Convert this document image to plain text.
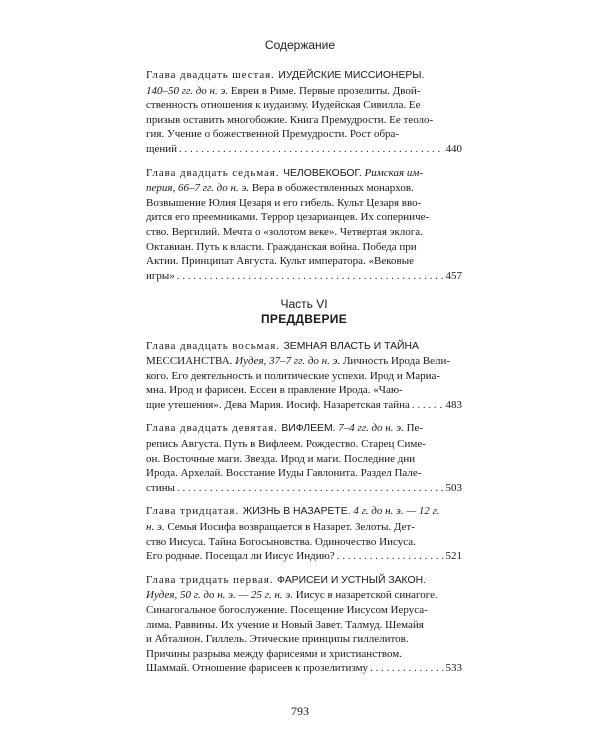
Содержание
Глава двадцать шестая. ИУДЕЙСКИЕ МИССИОНЕРЫ.
140–50 гг. до н. э. Евреи в Риме. Первые прозелиты. Двой-
ственность отношения к иудаизму. Иудейская Сивилла. Ее
призыв оставить многобожие. Книга Премудрости. Ее теоло-
гия. Учение о божественной Премудрости. Рост обра-
щений . . .	440
Глава двадцать седьмая. ЧЕЛОВЕКОБОГ. Римская им-
перия, 66–7 гг. до н. э. Вера в обожествленных монархов.
Возвышение Юлия Цезаря и его гибель. Культ Цезаря вво-
дится его преемниками. Террор цезарианцев. Их соперниче-
ство. Вергилий. Мечта о «золотом веке». Четвертая эклога.
Октавиан. Путь к власти. Гражданская война. Победа при
Актии. Принципат Августа. Культ императора. «Вековые
игры» . . .	457
Часть VI
ПРЕДДВЕРИЕ
Глава двадцать восьмая. ЗЕМНАЯ ВЛАСТЬ И ТАЙНА
МЕССИАНСТВА. Иудея, 37–7 гг. до н. э. Личность Ирода Вели-
кого. Его деятельность и политические успехи. Ирод и Мариа-
мна. Ирод и фарисеи. Ессеи в правление Ирода. «Чаю-
щие утешения». Дева Мария. Иосиф. Назаретская тайна . . .	483
Глава двадцать девятая. ВИФЛЕЕМ. 7–4 гг. до н. э. Пе-
репись Августа. Путь в Вифлеем. Рождество. Старец Симе-
он. Восточные маги. Звезда. Ирод и маги. Последние дни
Ирода. Архелай. Восстание Иуды Гавлонита. Раздел Пале-
стины . . .	503
Глава тридцатая. ЖИЗНЬ В НАЗАРЕТЕ. 4 г. до н. э. — 12 г.
н. э. Семья Иосифа возвращается в Назарет. Зелоты. Дет-
ство Иисуса. Тайна Богосыновства. Одиночество Иисуса.
Его родные. Посещал ли Иисус Индию? . . .	521
Глава тридцать первая. ФАРИСЕИ И УСТНЫЙ ЗАКОН.
Иудея, 50 г. до н. э. — 25 г. н. э. Иисус в назаретской синагоге.
Синагогальное богослужение. Посещение Иисусом Иеруса-
лима. Раввины. Их учение и Новый Завет. Талмуд. Шемайя
и Абталион. Гиллель. Этические принципы гиллелитов.
Причины разрыва между фарисеями и христианством.
Шаммай. Отношение фарисеев к прозелитизму . . .	533
793
